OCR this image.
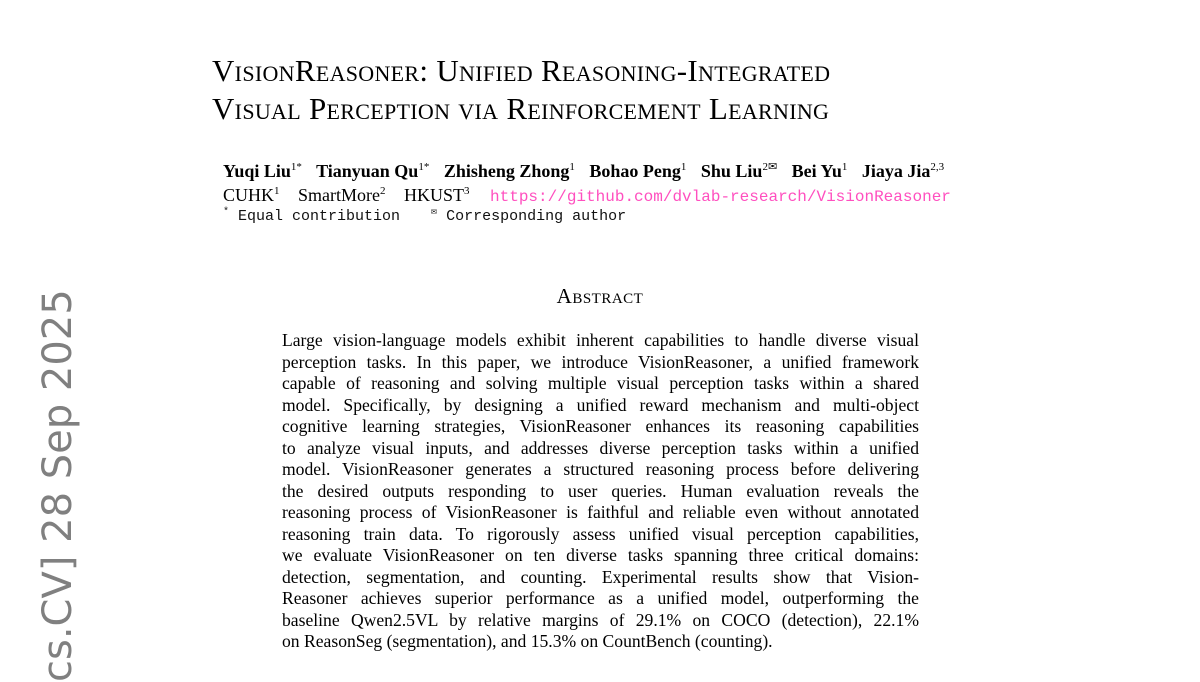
cs.CV] 28 Sep 2025
VisionReasoner: Unified Reasoning-Integrated
Visual Perception via Reinforcement Learning
Yuqi Liu$^{1*}$ Tianyuan $Qu^{1*}$ Zhisheng Zhong$^1$ Bohao Peng$^1$ Shu Liu$^{2✉}$ Bei Yu$^1$ Jiaya Jia$^{2,3}$
CUHK$^1$ SmartMore$^2$ HKUST$^3$ https://github.com/dvlab-research/VisionReasoner
* Equal contribution	✉ Corresponding author
Abstract

Large vision-language models exhibit inherent capabilities to handle diverse visual
perception tasks. In this paper, we introduce VisionReasoner, a unified framework
capable of reasoning and solving multiple visual perception tasks within a shared
model. Specifically, by designing a unified reward mechanism and multi-object
cognitive learning strategies, VisionReasoner enhances its reasoning capabilities
to analyze visual inputs, and addresses diverse perception tasks within a unified
model. VisionReasoner generates a structured reasoning process before delivering
the desired outputs responding to user queries. Human evaluation reveals the
reasoning process of VisionReasoner is faithful and reliable even without annotated
reasoning train data. To rigorously assess unified visual perception capabilities,
we evaluate VisionReasoner on ten diverse tasks spanning three critical domains:
detection, segmentation, and counting. Experimental results show that Vision-
Reasoner achieves superior performance as a unified model, outperforming the
baseline Qwen2.5VL by relative margins of 29.1% on COCO (detection), 22.1%
on ReasonSeg (segmentation), and 15.3% on CountBench (counting).
